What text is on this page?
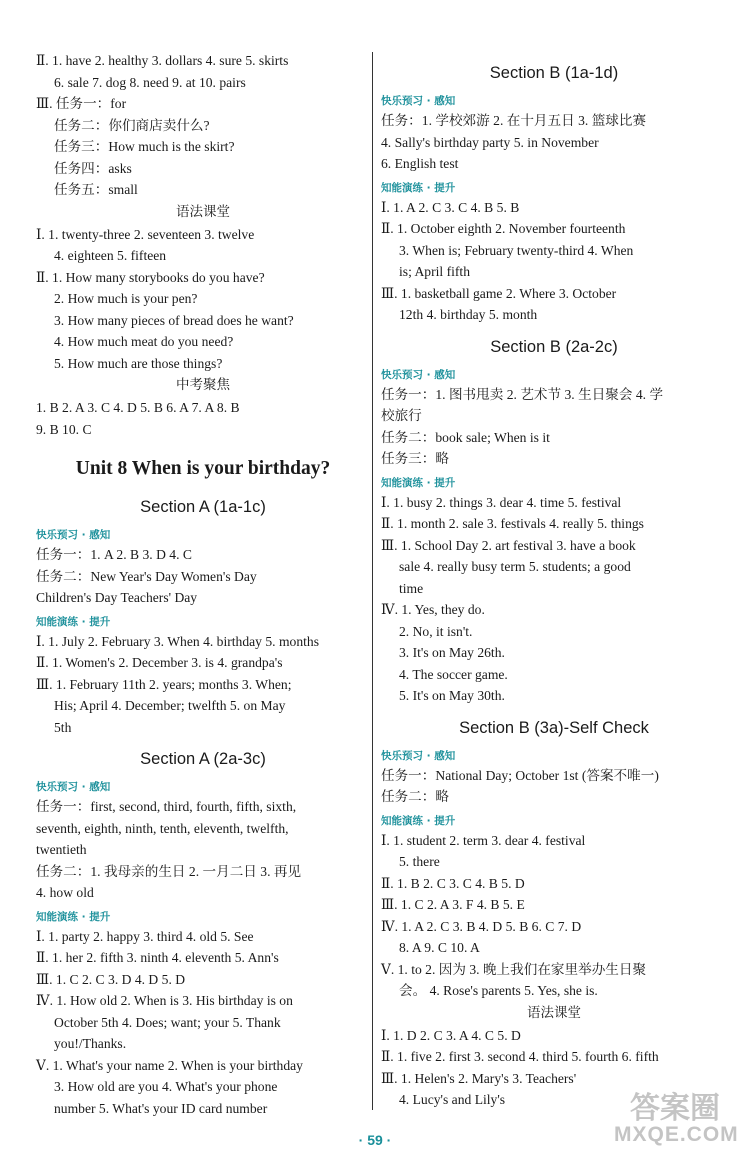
Ⅱ. 1. have 2. healthy 3. dollars 4. sure 5. skirts
6. sale 7. dog 8. need 9. at 10. pairs
Ⅲ. 任务一：for
任务二：你们商店卖什么?
任务三：How much is the skirt?
任务四：asks
任务五：small
语法课堂
Ⅰ. 1. twenty-three 2. seventeen 3. twelve
4. eighteen 5. fifteen
Ⅱ. 1. How many storybooks do you have?
2. How much is your pen?
3. How many pieces of bread does he want?
4. How much meat do you need?
5. How much are those things?
中考聚焦
1. B 2. A 3. C 4. D 5. B 6. A 7. A 8. B
9. B 10. C
Unit 8 When is your birthday?
Section A (1a-1c)
快乐预习 · 感知
任务一：1. A 2. B 3. D 4. C
任务二：New Year's Day Women's Day
Children's Day Teachers' Day
知能演练 · 提升
Ⅰ. 1. July 2. February 3. When 4. birthday 5. months
Ⅱ. 1. Women's 2. December 3. is 4. grandpa's
Ⅲ. 1. February 11th 2. years; months 3. When;
His; April 4. December; twelfth 5. on May
5th
Section A (2a-3c)
快乐预习 · 感知
任务一：first, second, third, fourth, fifth, sixth,
seventh, eighth, ninth, tenth, eleventh, twelfth,
twentieth
任务二：1. 我母亲的生日 2. 一月二日 3. 再见
4. how old
知能演练 · 提升
Ⅰ. 1. party 2. happy 3. third 4. old 5. See
Ⅱ. 1. her 2. fifth 3. ninth 4. eleventh 5. Ann's
Ⅲ. 1. C 2. C 3. D 4. D 5. D
Ⅳ. 1. How old 2. When is 3. His birthday is on
October 5th 4. Does; want; your 5. Thank
you!/Thanks.
Ⅴ. 1. What's your name 2. When is your birthday
3. How old are you 4. What's your phone
number 5. What's your ID card number
Section B (1a-1d)
快乐预习 · 感知
任务：1. 学校郊游 2. 在十月五日 3. 篮球比赛
4. Sally's birthday party 5. in November
6. English test
知能演练 · 提升
Ⅰ. 1. A 2. C 3. C 4. B 5. B
Ⅱ. 1. October eighth 2. November fourteenth
3. When is; February twenty-third 4. When
is; April fifth
Ⅲ. 1. basketball game 2. Where 3. October
12th 4. birthday 5. month
Section B (2a-2c)
快乐预习 · 感知
任务一：1. 图书甩卖 2. 艺术节 3. 生日聚会 4. 学
校旅行
任务二：book sale; When is it
任务三：略
知能演练 · 提升
Ⅰ. 1. busy 2. things 3. dear 4. time 5. festival
Ⅱ. 1. month 2. sale 3. festivals 4. really 5. things
Ⅲ. 1. School Day 2. art festival 3. have a book
sale 4. really busy term 5. students; a good
time
Ⅳ. 1. Yes, they do.
2. No, it isn't.
3. It's on May 26th.
4. The soccer game.
5. It's on May 30th.
Section B (3a)-Self Check
快乐预习 · 感知
任务一：National Day; October 1st (答案不唯一)
任务二：略
知能演练 · 提升
Ⅰ. 1. student 2. term 3. dear 4. festival
5. there
Ⅱ. 1. B 2. C 3. C 4. B 5. D
Ⅲ. 1. C 2. A 3. F 4. B 5. E
Ⅳ. 1. A 2. C 3. B 4. D 5. B 6. C 7. D
8. A 9. C 10. A
Ⅴ. 1. to 2. 因为 3. 晚上我们在家里举办生日聚
会。 4. Rose's parents 5. Yes, she is.
语法课堂
Ⅰ. 1. D 2. C 3. A 4. C 5. D
Ⅱ. 1. five 2. first 3. second 4. third 5. fourth 6. fifth
Ⅲ. 1. Helen's 2. Mary's 3. Teachers'
4. Lucy's and Lily's
· 59 ·
答案圈
MXQE.COM
